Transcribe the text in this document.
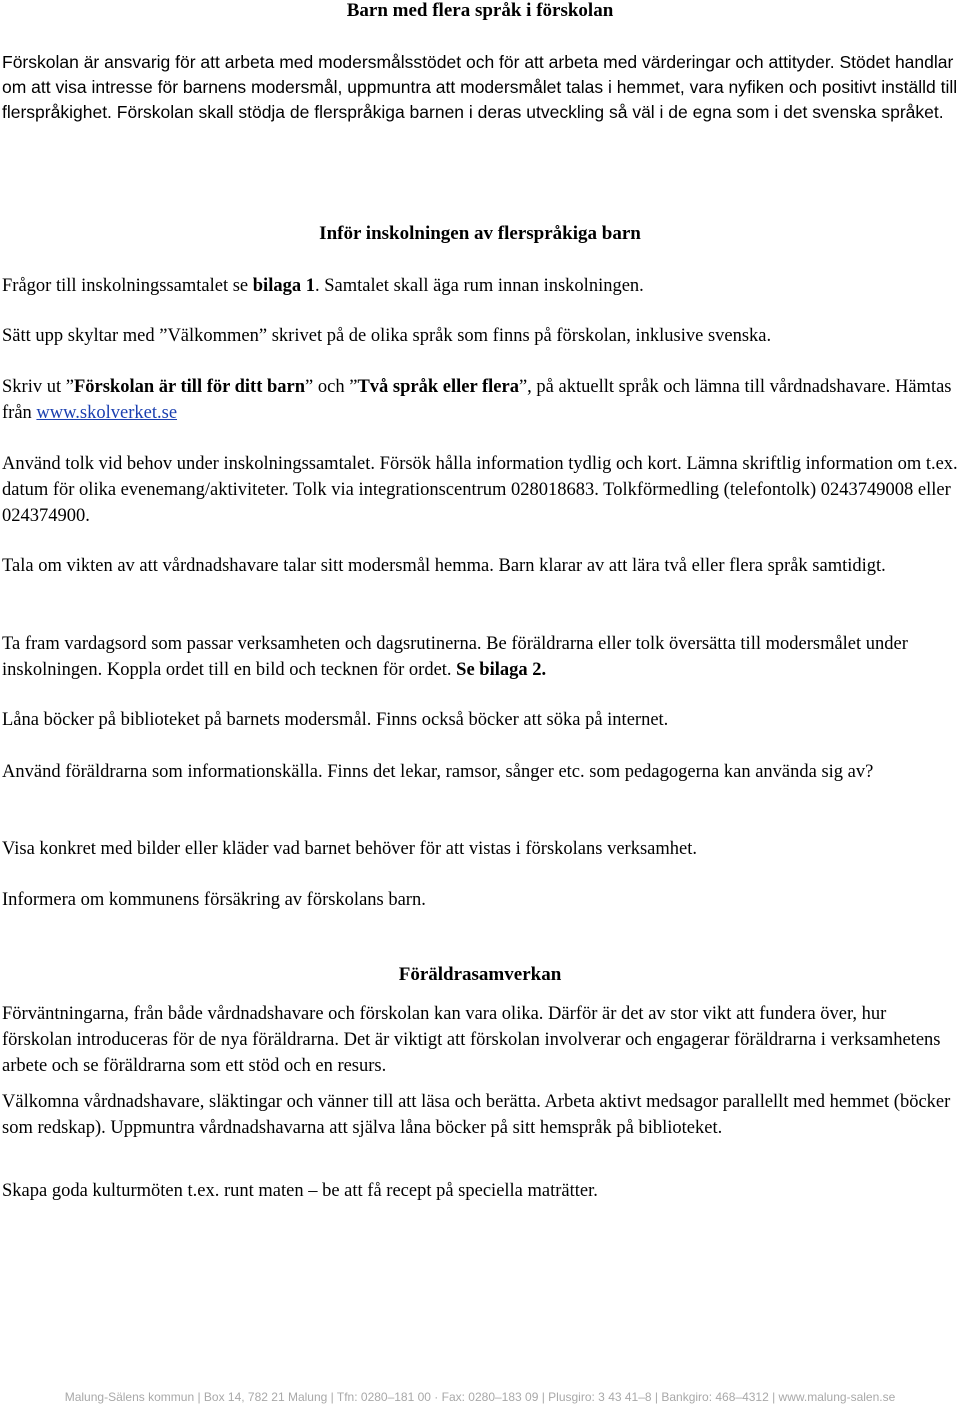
Barn med flera språk i förskolan
Förskolan är ansvarig för att arbeta med modersmålsstödet och för att arbeta med värderingar och attityder. Stödet handlar om att visa intresse för barnens modersmål, uppmuntra att modersmålet talas i hemmet, vara nyfiken och positivt inställd till flerspråkighet. Förskolan skall stödja de flerspråkiga barnen i deras utveckling så väl i de egna som i det svenska språket.
Inför inskolningen av flerspråkiga barn
Frågor till inskolningssamtalet se bilaga 1. Samtalet skall äga rum innan inskolningen.
Sätt upp skyltar med ”Välkommen” skrivet på de olika språk som finns på förskolan, inklusive svenska.
Skriv ut ”Förskolan är till för ditt barn” och ”Två språk eller flera”, på aktuellt språk och lämna till vårdnadshavare. Hämtas från www.skolverket.se
Använd tolk vid behov under inskolningssamtalet. Försök hålla information tydlig och kort. Lämna skriftlig information om t.ex. datum för olika evenemang/aktiviteter. Tolk via integrationscentrum 028018683. Tolkförmedling (telefontolk) 0243749008 eller 024374900.
Tala om vikten av att vårdnadshavare talar sitt modersmål hemma. Barn klarar av att lära två eller flera språk samtidigt.
Ta fram vardagsord som passar verksamheten och dagsrutinerna. Be föräldrarna eller tolk översätta till modersmålet under inskolningen. Koppla ordet till en bild och tecknen för ordet. Se bilaga 2.
Låna böcker på biblioteket på barnets modersmål. Finns också böcker att söka på internet.
Använd föräldrarna som informationskälla. Finns det lekar, ramsor, sånger etc. som pedagogerna kan använda sig av?
Visa konkret med bilder eller kläder vad barnet behöver för att vistas i förskolans verksamhet.
Informera om kommunens försäkring av förskolans barn.
Föräldrasamverkan
Förväntningarna, från både vårdnadshavare och förskolan kan vara olika. Därför är det av stor vikt att fundera över, hur förskolan introduceras för de nya föräldrarna. Det är viktigt att förskolan involverar och engagerar föräldrarna i verksamhetens arbete och se föräldrarna som ett stöd och en resurs.
Välkomna vårdnadshavare, släktingar och vänner till att läsa och berätta. Arbeta aktivt medsagor parallellt med hemmet (böcker som redskap). Uppmuntra vårdnadshavarna att själva låna böcker på sitt hemspråk på biblioteket.
Skapa goda kulturmöten t.ex. runt maten – be att få recept på speciella maträtter.
Malung-Sälens kommun | Box 14, 782 21 Malung | Tfn: 0280–181 00 · Fax: 0280–183 09 | Plusgiro: 3 43 41–8 | Bankgiro: 468–4312 | www.malung-salen.se
